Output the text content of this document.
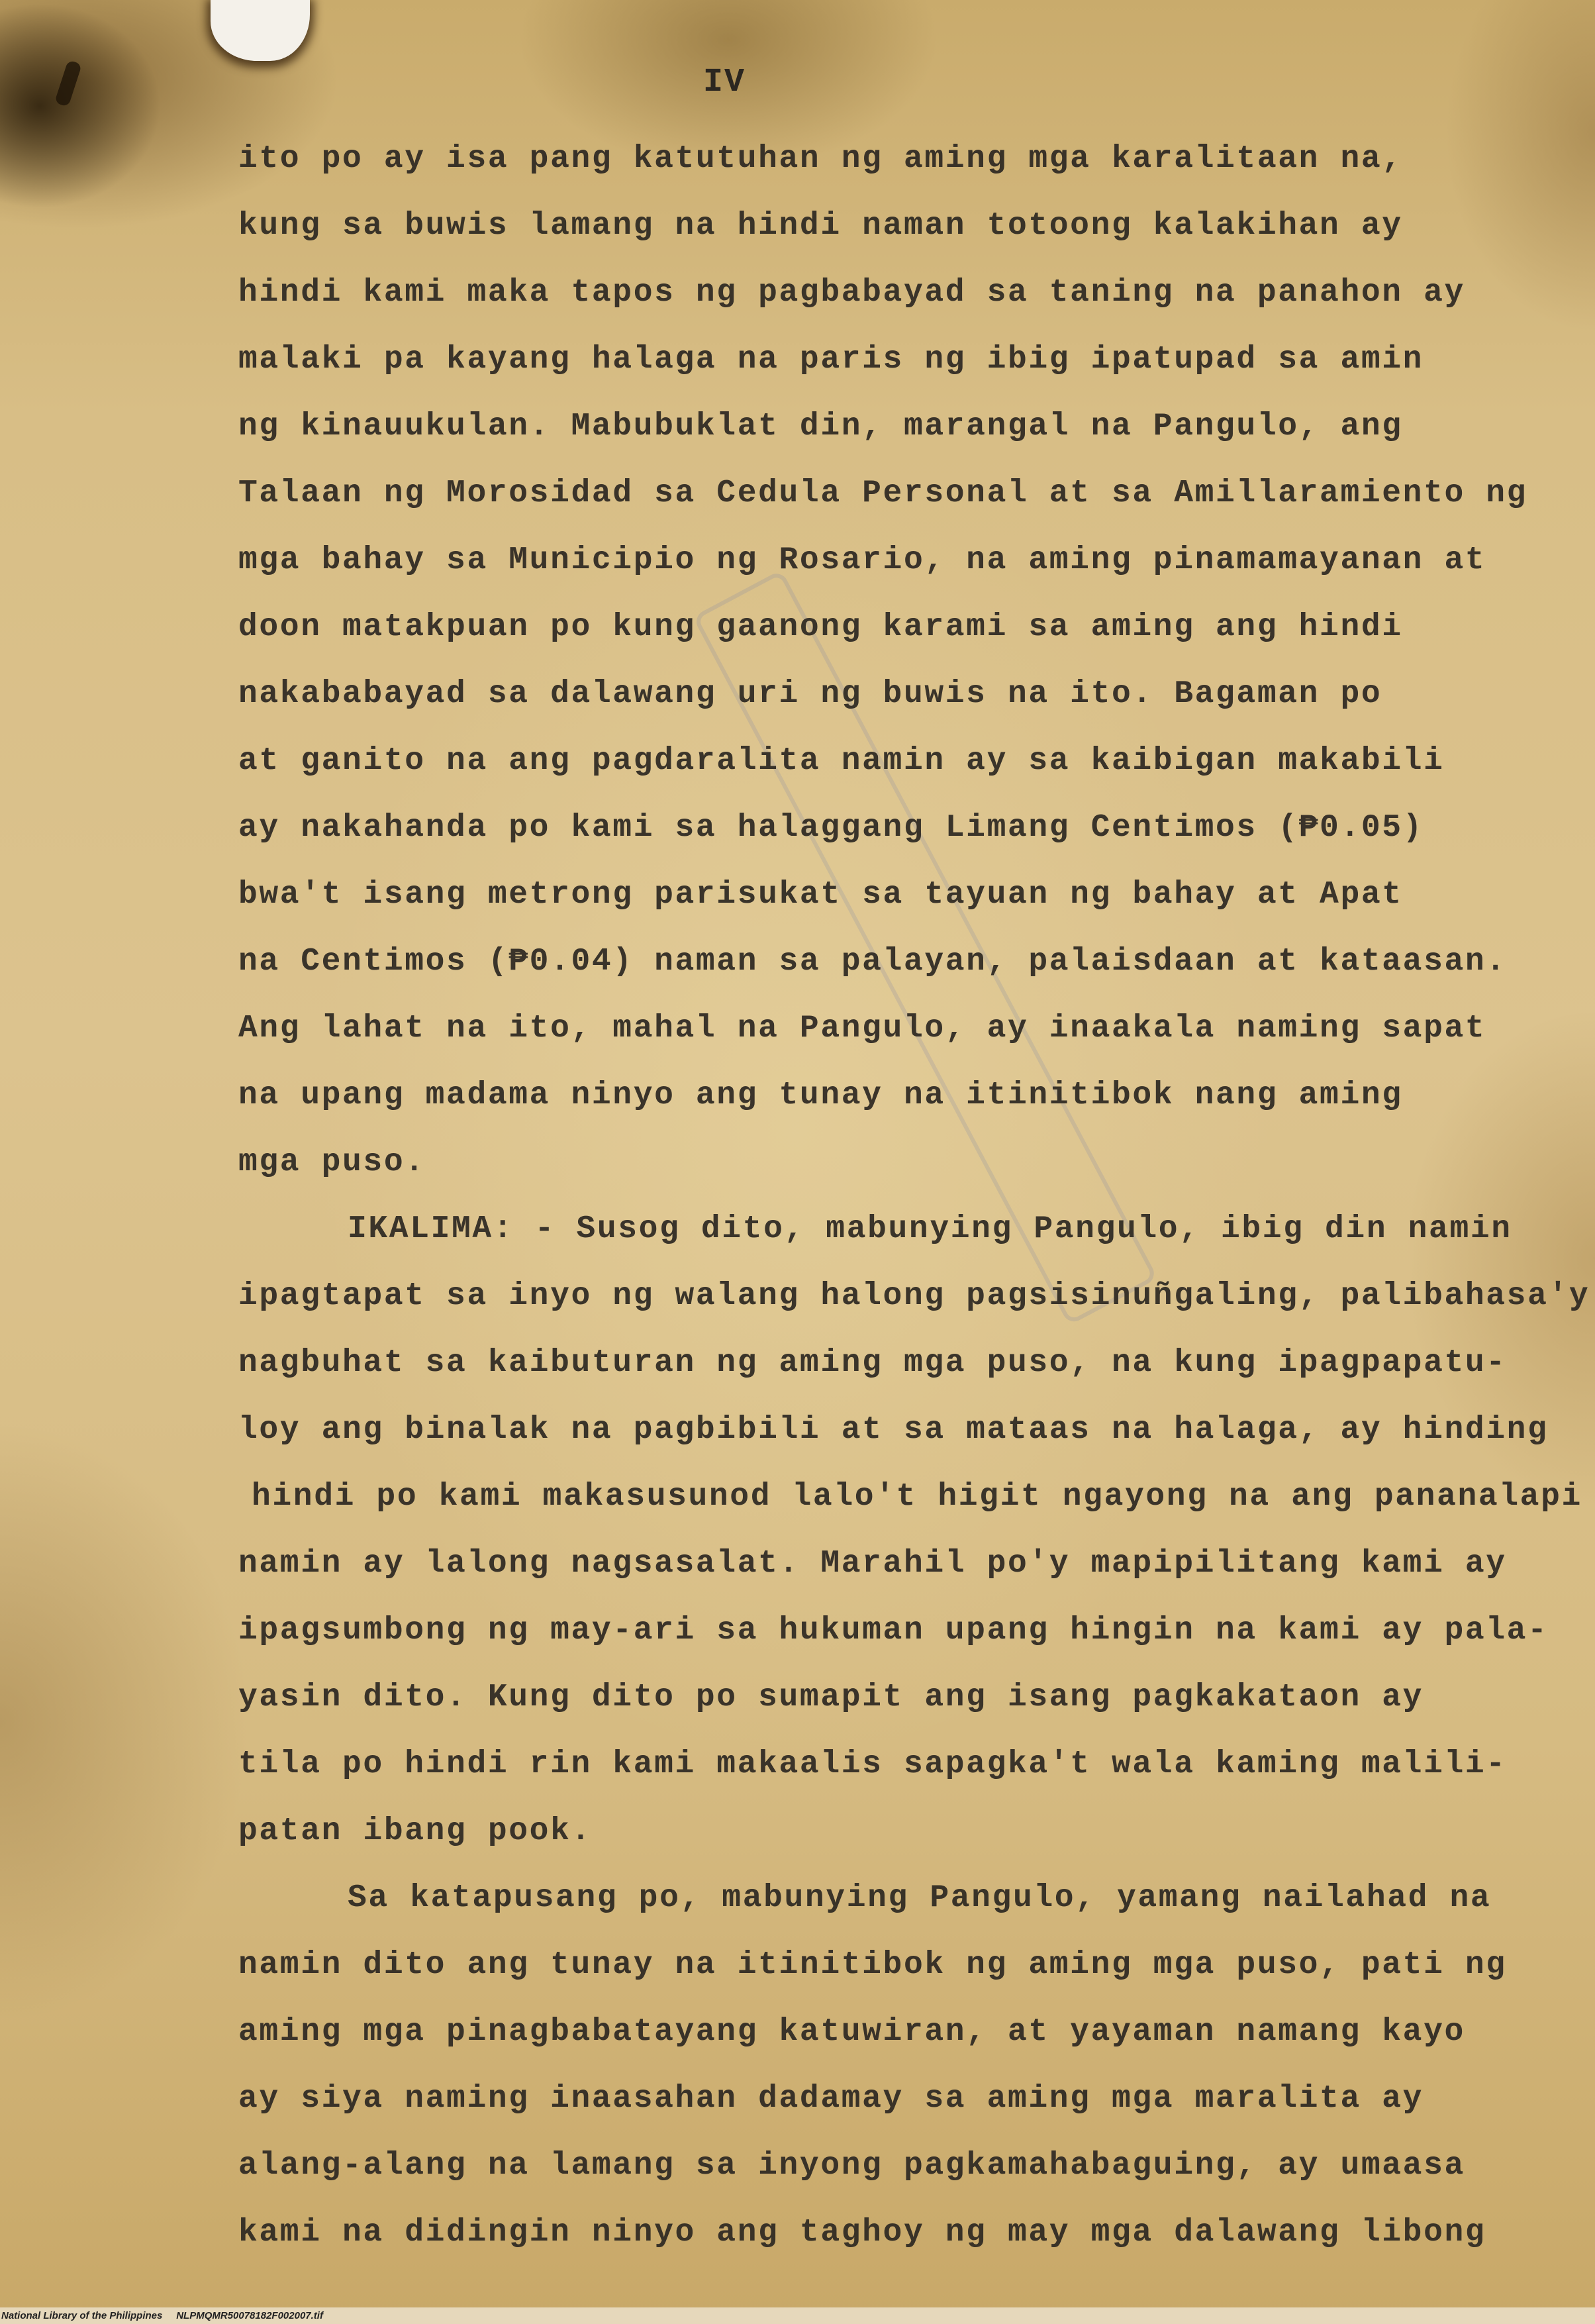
IV
ito po ay isa pang katutuhan ng aming mga karalitaan na,
kung sa buwis lamang na hindi naman totoong kalakihan ay
hindi kami maka tapos ng pagbabayad sa taning na panahon ay
malaki pa kayang halaga na paris ng ibig ipatupad sa amin
ng kinauukulan. Mabubuklat din, marangal na Pangulo, ang
Talaan ng Morosidad sa Cedula Personal at sa Amillaramiento ng
mga bahay sa Municipio ng Rosario, na aming pinamamayanan at
doon matakpuan po kung gaanong karami sa aming ang hindi
nakababayad sa dalawang uri ng buwis na ito. Bagaman po
at ganito na ang pagdaralita namin ay sa kaibigan makabili
ay nakahanda po kami sa halaggang Limang Centimos (₱0.05)
bwa't isang metrong parisukat sa tayuan ng bahay at Apat
na Centimos (₱0.04) naman sa palayan, palaisdaan at kataasan.
Ang lahat na ito, mahal na Pangulo, ay inaakala naming sapat
na upang madama ninyo ang tunay na itinitibok nang aming
mga puso.
IKALIMA: - Susog dito, mabunying Pangulo, ibig din namin
ipagtapat sa inyo ng walang halong pagsisinuñgaling, palibahasa'y
nagbuhat sa kaibuturan ng aming mga puso, na kung ipagpapatu-
loy ang binalak na pagbibili at sa mataas na halaga, ay hinding
hindi po kami makasusunod lalo't higit ngayong na ang pananalapi
namin ay lalong nagsasalat. Marahil po'y mapipilitang kami ay
ipagsumbong ng may-ari sa hukuman upang hingin na kami ay pala-
yasin dito. Kung dito po sumapit ang isang pagkakataon ay
tila po hindi rin kami makaalis sapagka't wala kaming malili-
patan ibang pook.
Sa katapusang po, mabunying Pangulo, yamang nailahad na
namin dito ang tunay na itinitibok ng aming mga puso, pati ng
aming mga pinagbabatayang katuwiran, at yayaman namang kayo
ay siya naming inaasahan dadamay sa aming mga maralita ay
alang-alang na lamang sa inyong pagkamahabaguing, ay umaasa
kami na didingin ninyo ang taghoy ng may mga dalawang libong
National Library of the Philippines     NLPMQMR50078182F002007.tif
